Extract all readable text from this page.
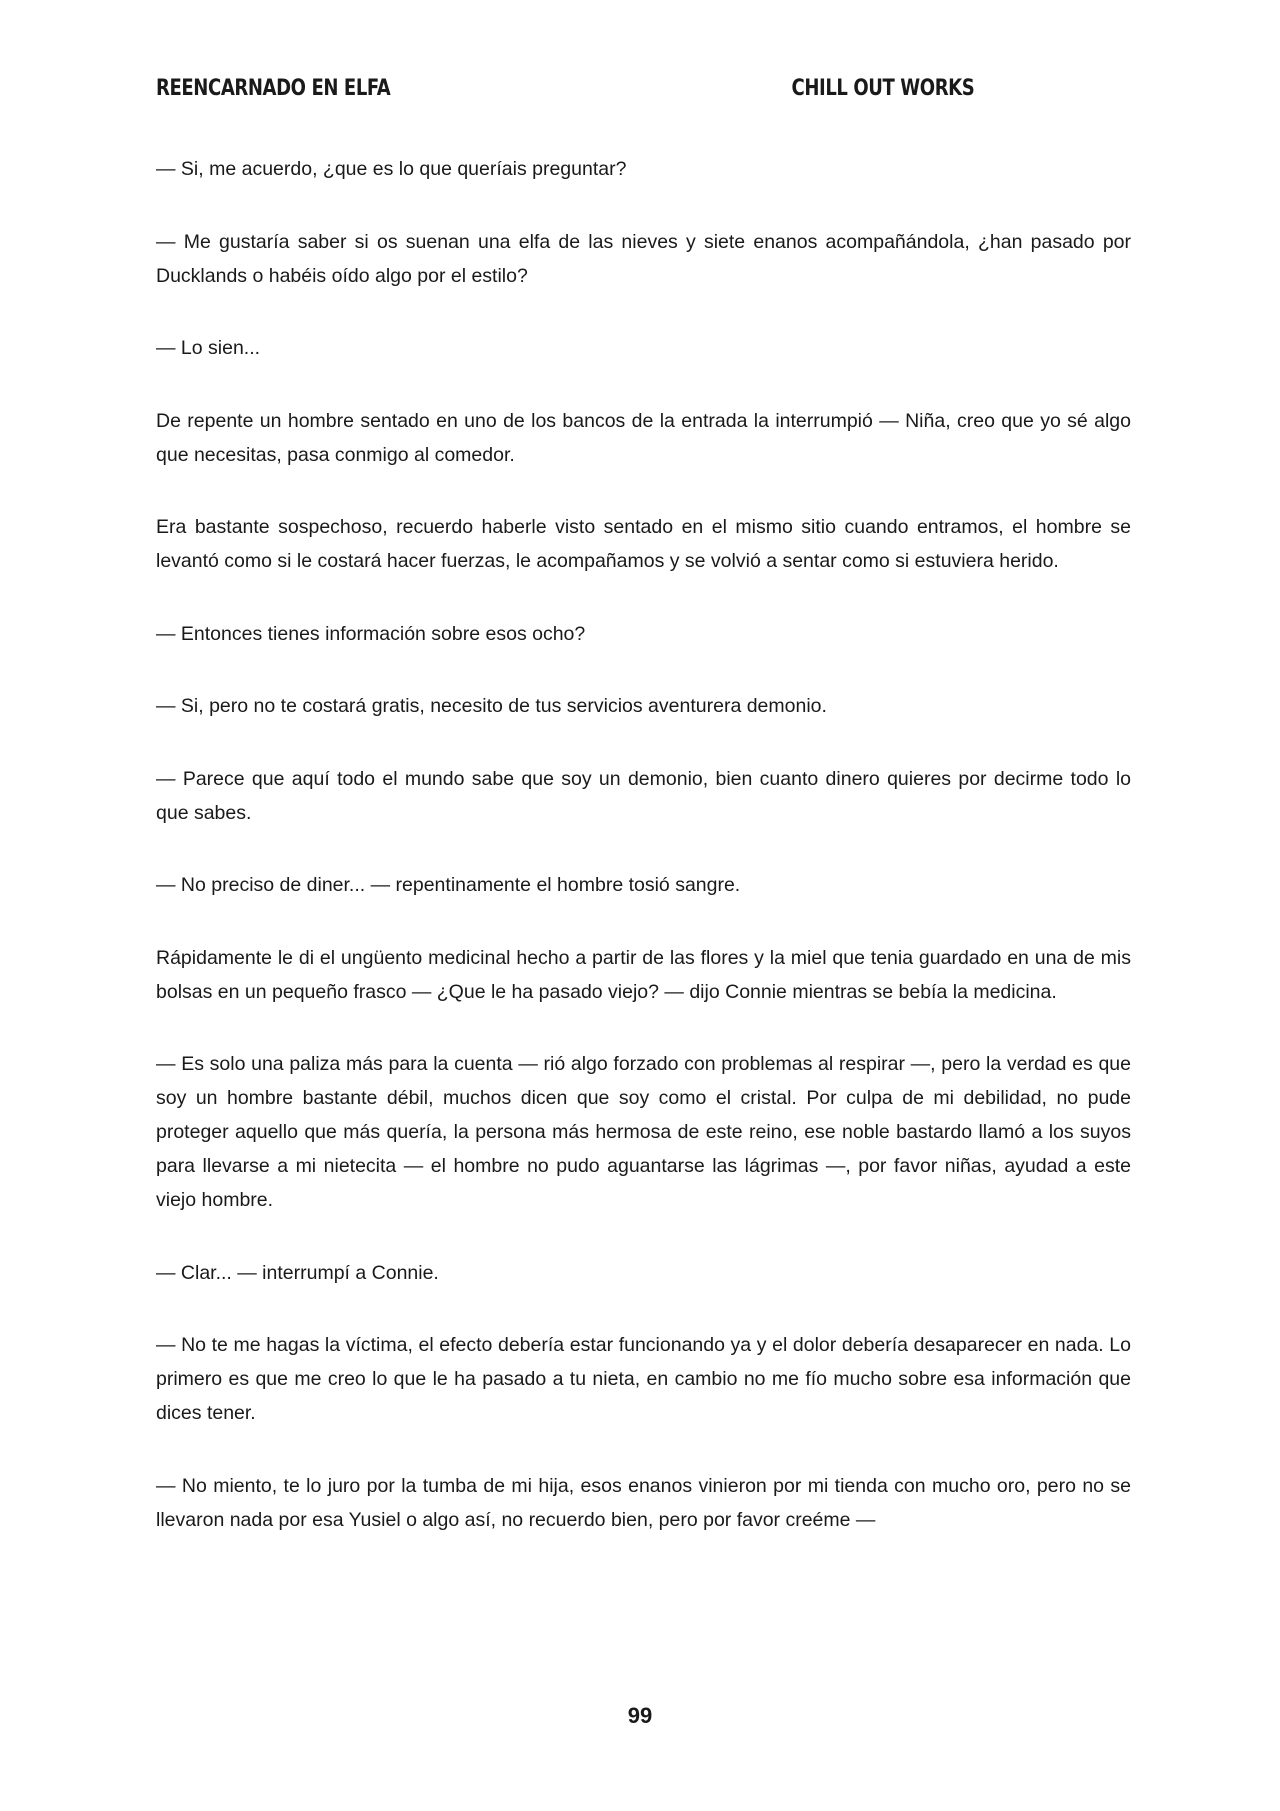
REENCARNADO EN ELFA	CHILL OUT WORKS

— Si, me acuerdo, ¿que es lo que queríais preguntar?

— Me gustaría saber si os suenan una elfa de las nieves y siete enanos acompañándola, ¿han pasado por Ducklands o habéis oído algo por el estilo?

— Lo sien...

De repente un hombre sentado en uno de los bancos de la entrada la interrumpió — Niña, creo que yo sé algo que necesitas, pasa conmigo al comedor.

Era bastante sospechoso, recuerdo haberle visto sentado en el mismo sitio cuando entramos, el hombre se levantó como si le costará hacer fuerzas, le acompañamos y se volvió a sentar como si estuviera herido.

— Entonces tienes información sobre esos ocho?

— Si, pero no te costará gratis, necesito de tus servicios aventurera demonio.

— Parece que aquí todo el mundo sabe que soy un demonio, bien cuanto dinero quieres por decirme todo lo que sabes.

— No preciso de diner... — repentinamente el hombre tosió sangre.

Rápidamente le di el ungüento medicinal hecho a partir de las flores y la miel que tenia guardado en una de mis bolsas en un pequeño frasco — ¿Que le ha pasado viejo? — dijo Connie mientras se bebía la medicina.

— Es solo una paliza más para la cuenta — rió algo forzado con problemas al respirar —, pero la verdad es que soy un hombre bastante débil, muchos dicen que soy como el cristal. Por culpa de mi debilidad, no pude proteger aquello que más quería, la persona más hermosa de este reino, ese noble bastardo llamó a los suyos para llevarse a mi nietecita — el hombre no pudo aguantarse las lágrimas —, por favor niñas, ayudad a este viejo hombre.

— Clar... — interrumpí a Connie.

— No te me hagas la víctima, el efecto debería estar funcionando ya y el dolor debería desaparecer en nada. Lo primero es que me creo lo que le ha pasado a tu nieta, en cambio no me fío mucho sobre esa información que dices tener.

— No miento, te lo juro por la tumba de mi hija, esos enanos vinieron por mi tienda con mucho oro, pero no se llevaron nada por esa Yusiel o algo así, no recuerdo bien, pero por favor creéme —

99
